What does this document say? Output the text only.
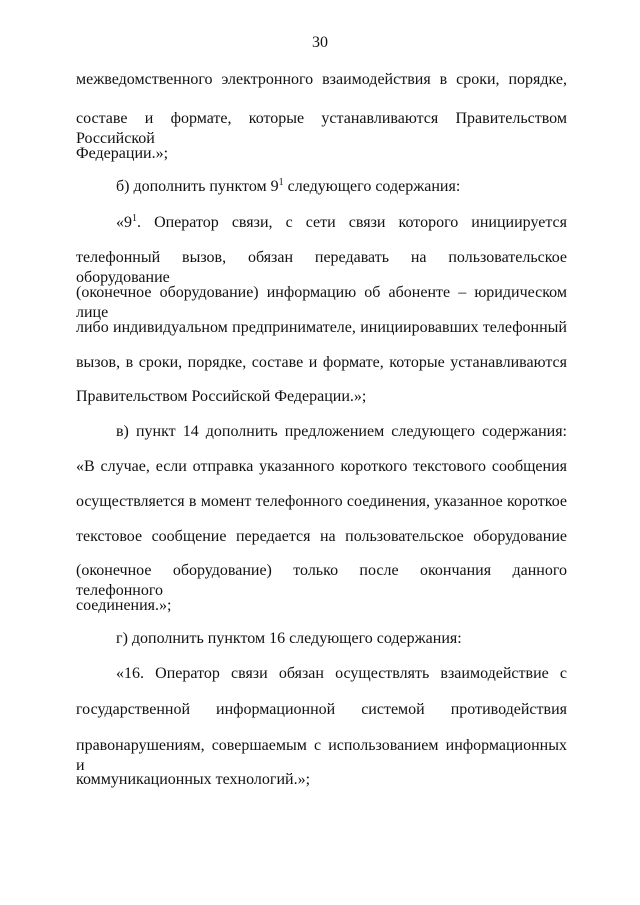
30
межведомственного электронного взаимодействия в сроки, порядке,
составе и формате, которые устанавливаются Правительством Российской
Федерации.»;
б) дополнить пунктом $9^1$ следующего содержания:
«$9^1$. Оператор связи, с сети связи которого инициируется
телефонный вызов, обязан передавать на пользовательское оборудование
(оконечное оборудование) информацию об абоненте – юридическом лице
либо индивидуальном предпринимателе, инициировавших телефонный
вызов, в сроки, порядке, составе и формате, которые устанавливаются
Правительством Российской Федерации.»;
в) пункт 14 дополнить предложением следующего содержания:
«В случае, если отправка указанного короткого текстового сообщения
осуществляется в момент телефонного соединения, указанное короткое
текстовое сообщение передается на пользовательское оборудование
(оконечное оборудование) только после окончания данного телефонного
соединения.»;
г) дополнить пунктом 16 следующего содержания:
«16. Оператор связи обязан осуществлять взаимодействие с
государственной информационной системой противодействия
правонарушениям, совершаемым с использованием информационных и
коммуникационных технологий.»;
